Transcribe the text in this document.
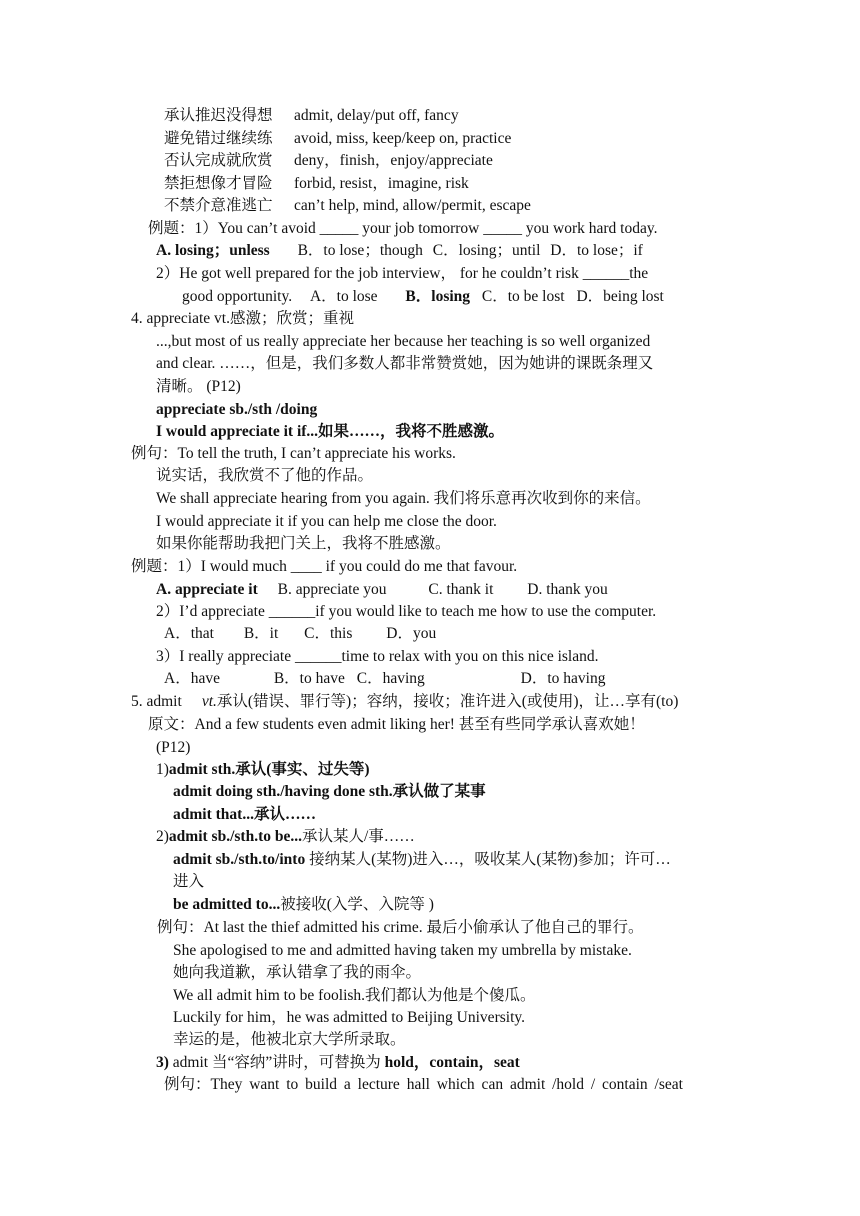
承认推迟没得想 admit, delay/put off, fancy
避免错过继续练 avoid, miss, keep/keep on, practice
否认完成就欣赏 deny，finish，enjoy/appreciate
禁拒想像才冒险 forbid, resist，imagine, risk
不禁介意准逃亡 can’t help, mind, allow/permit, escape
例题：1）You can’t avoid _____ your job tomorrow _____ you work hard today.
A. losing；unless B．to lose；though C．losing；until D．to lose；if
2）He got well prepared for the job interview， for he couldn’t risk ______the
good opportunity. A．to lose B．losing C．to be lost D．being lost
4. appreciate vt.感激；欣赏；重视
...,but most of us really appreciate her because her teaching is so well organized
and clear. ……，但是，我们多数人都非常赞赏她，因为她讲的课既条理又
清晰。 (P12)
appreciate sb./sth /doing
I would appreciate it if...如果……，我将不胜感激。
例句：To tell the truth, I can’t appreciate his works.
说实话，我欣赏不了他的作品。
We shall appreciate hearing from you again. 我们将乐意再次收到你的来信。
I would appreciate it if you can help me close the door.
如果你能帮助我把门关上，我将不胜感激。
例题：1）I would much ____ if you could do me that favour.
A. appreciate it B. appreciate you	C. thank it D. thank you
2）I’d appreciate ______if you would like to teach me how to use the computer.
A．that B．it C．this D．you
3）I really appreciate ______time to relax with you on this nice island.
A．have	B．to have C．having	D．to having
5. admit vt.承认(错误、罪行等)；容纳，接收；准许进入(或使用)，让…享有(to)
原文：And a few students even admit liking her! 甚至有些同学承认喜欢她！
(P12)
1)admit sth.承认(事实、过失等)
admit doing sth./having done sth.承认做了某事
admit that...承认……
2)admit sb./sth.to be...承认某人/事……
admit sb./sth.to/into 接纳某人(某物)进入…，吸收某人(某物)参加；许可…
进入
be admitted to...被接收(入学、入院等 )
例句：At last the thief admitted his crime. 最后小偷承认了他自己的罪行。
She apologised to me and admitted having taken my umbrella by mistake.
她向我道歉，承认错拿了我的雨伞。
We all admit him to be foolish.我们都认为他是个傻瓜。
Luckily for him，he was admitted to Beijing University.
幸运的是，他被北京大学所录取。
3) admit 当“容纳”讲时，可替换为 hold，contain，seat
例句：They want to build a lecture hall which can admit /hold / contain /seat
